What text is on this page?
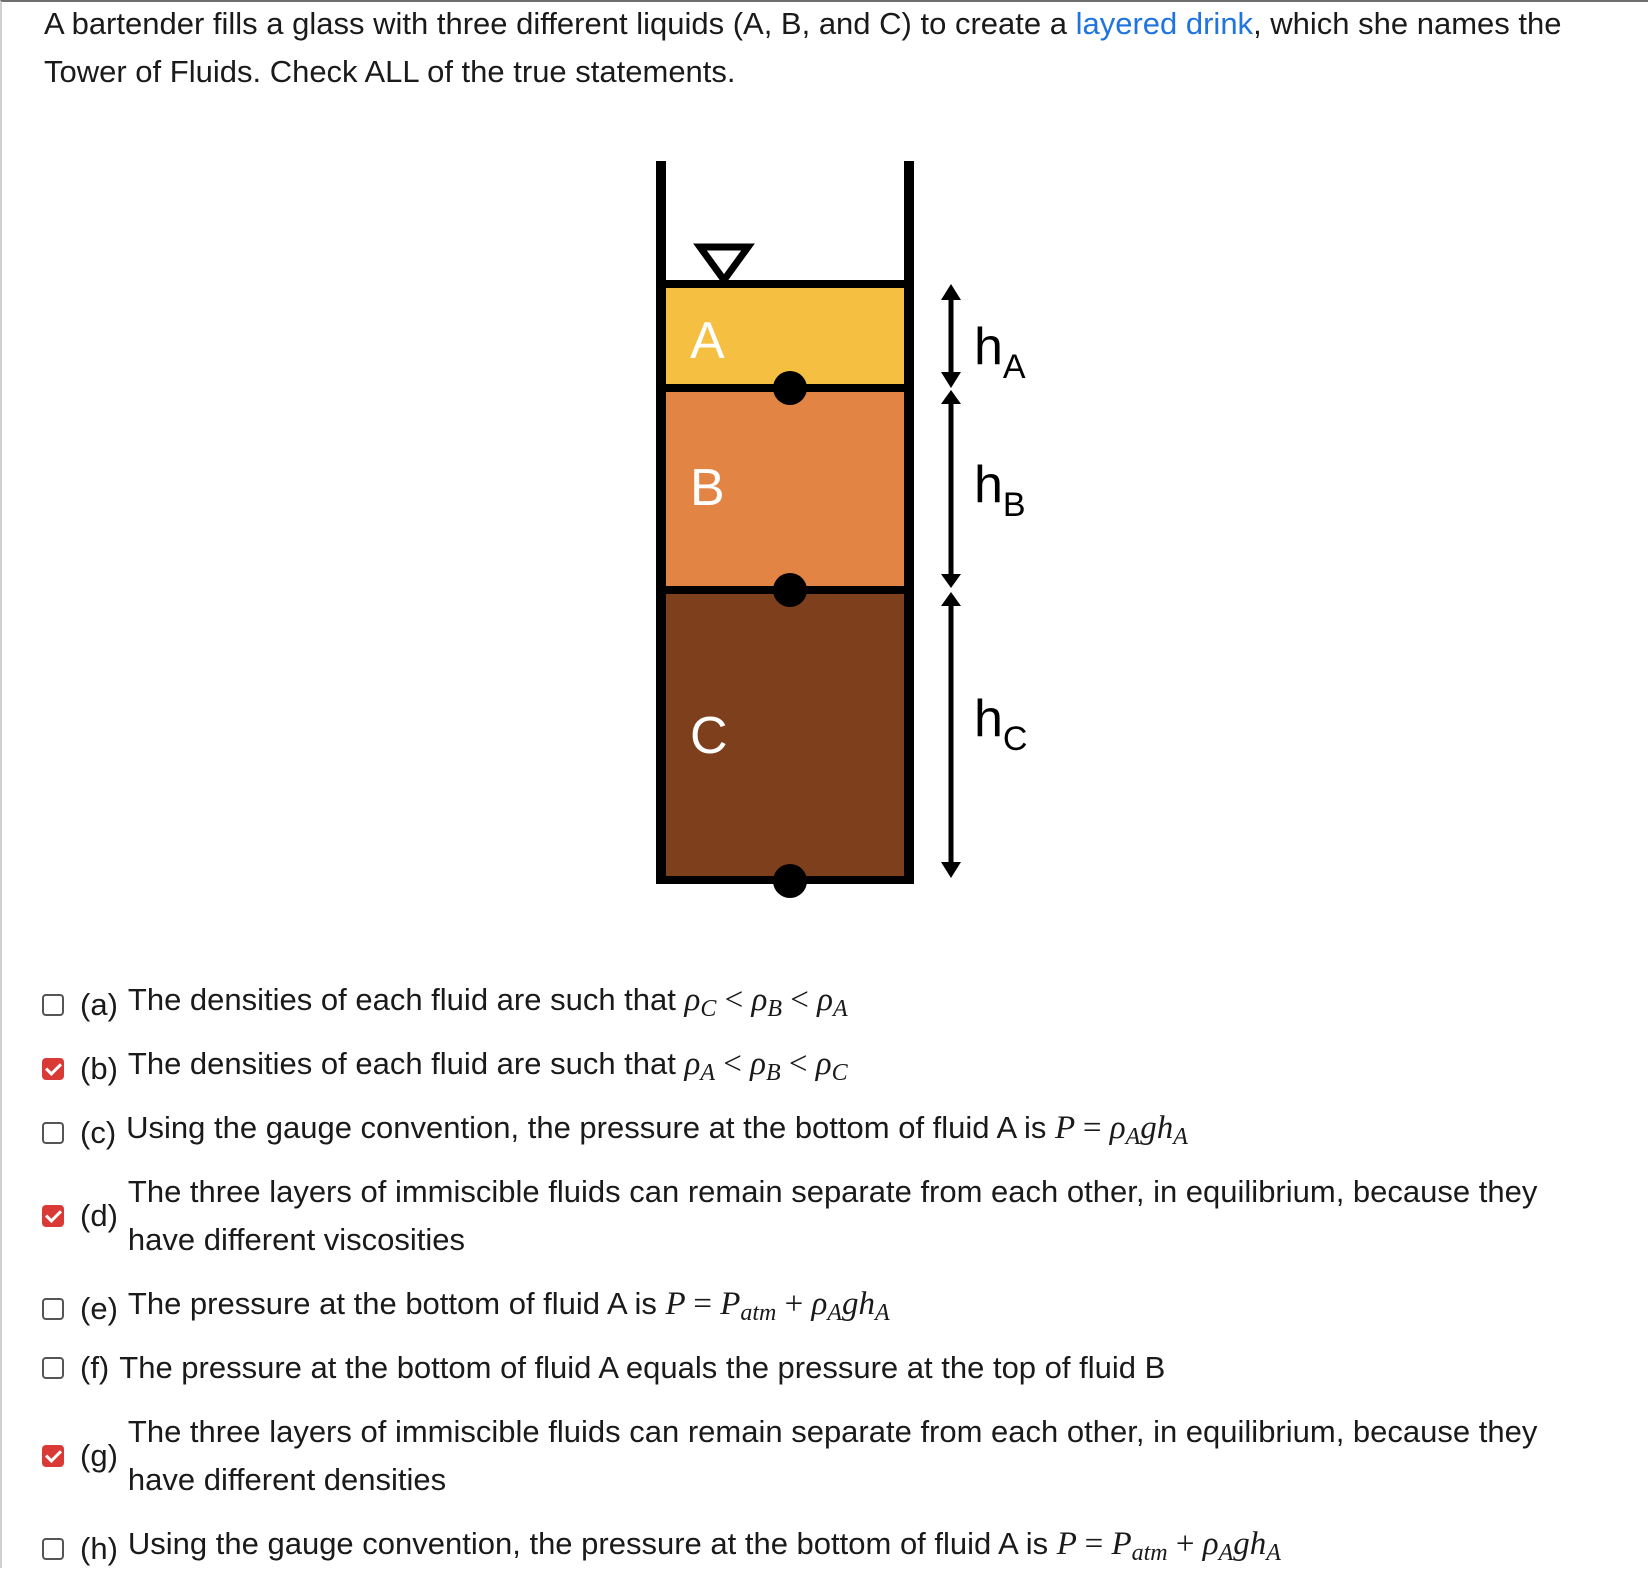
A bartender fills a glass with three different liquids (A, B, and C) to create a layered drink, which she names the Tower of Fluids. Check ALL of the true statements.

A
B
C
$h_A$
$h_B$
$h_C$
(a) The densities of each fluid are such that $\rho_C < \rho_B < \rho_A$
(b) The densities of each fluid are such that $\rho_A < \rho_B < \rho_C$
(c) Using the gauge convention, the pressure at the bottom of fluid A is $P = \rho_Agh_A$
(d)
The three layers of immiscible fluids can remain separate from each other, in equilibrium, because they have different viscosities
(e) The pressure at the bottom of fluid A is $P = P_{atm} + \rho_Agh_A$
(f) The pressure at the bottom of fluid A equals the pressure at the top of fluid B
(g)
The three layers of immiscible fluids can remain separate from each other, in equilibrium, because they have different densities
(h) Using the gauge convention, the pressure at the bottom of fluid A is $P = P_{atm} + \rho_Agh_A$
